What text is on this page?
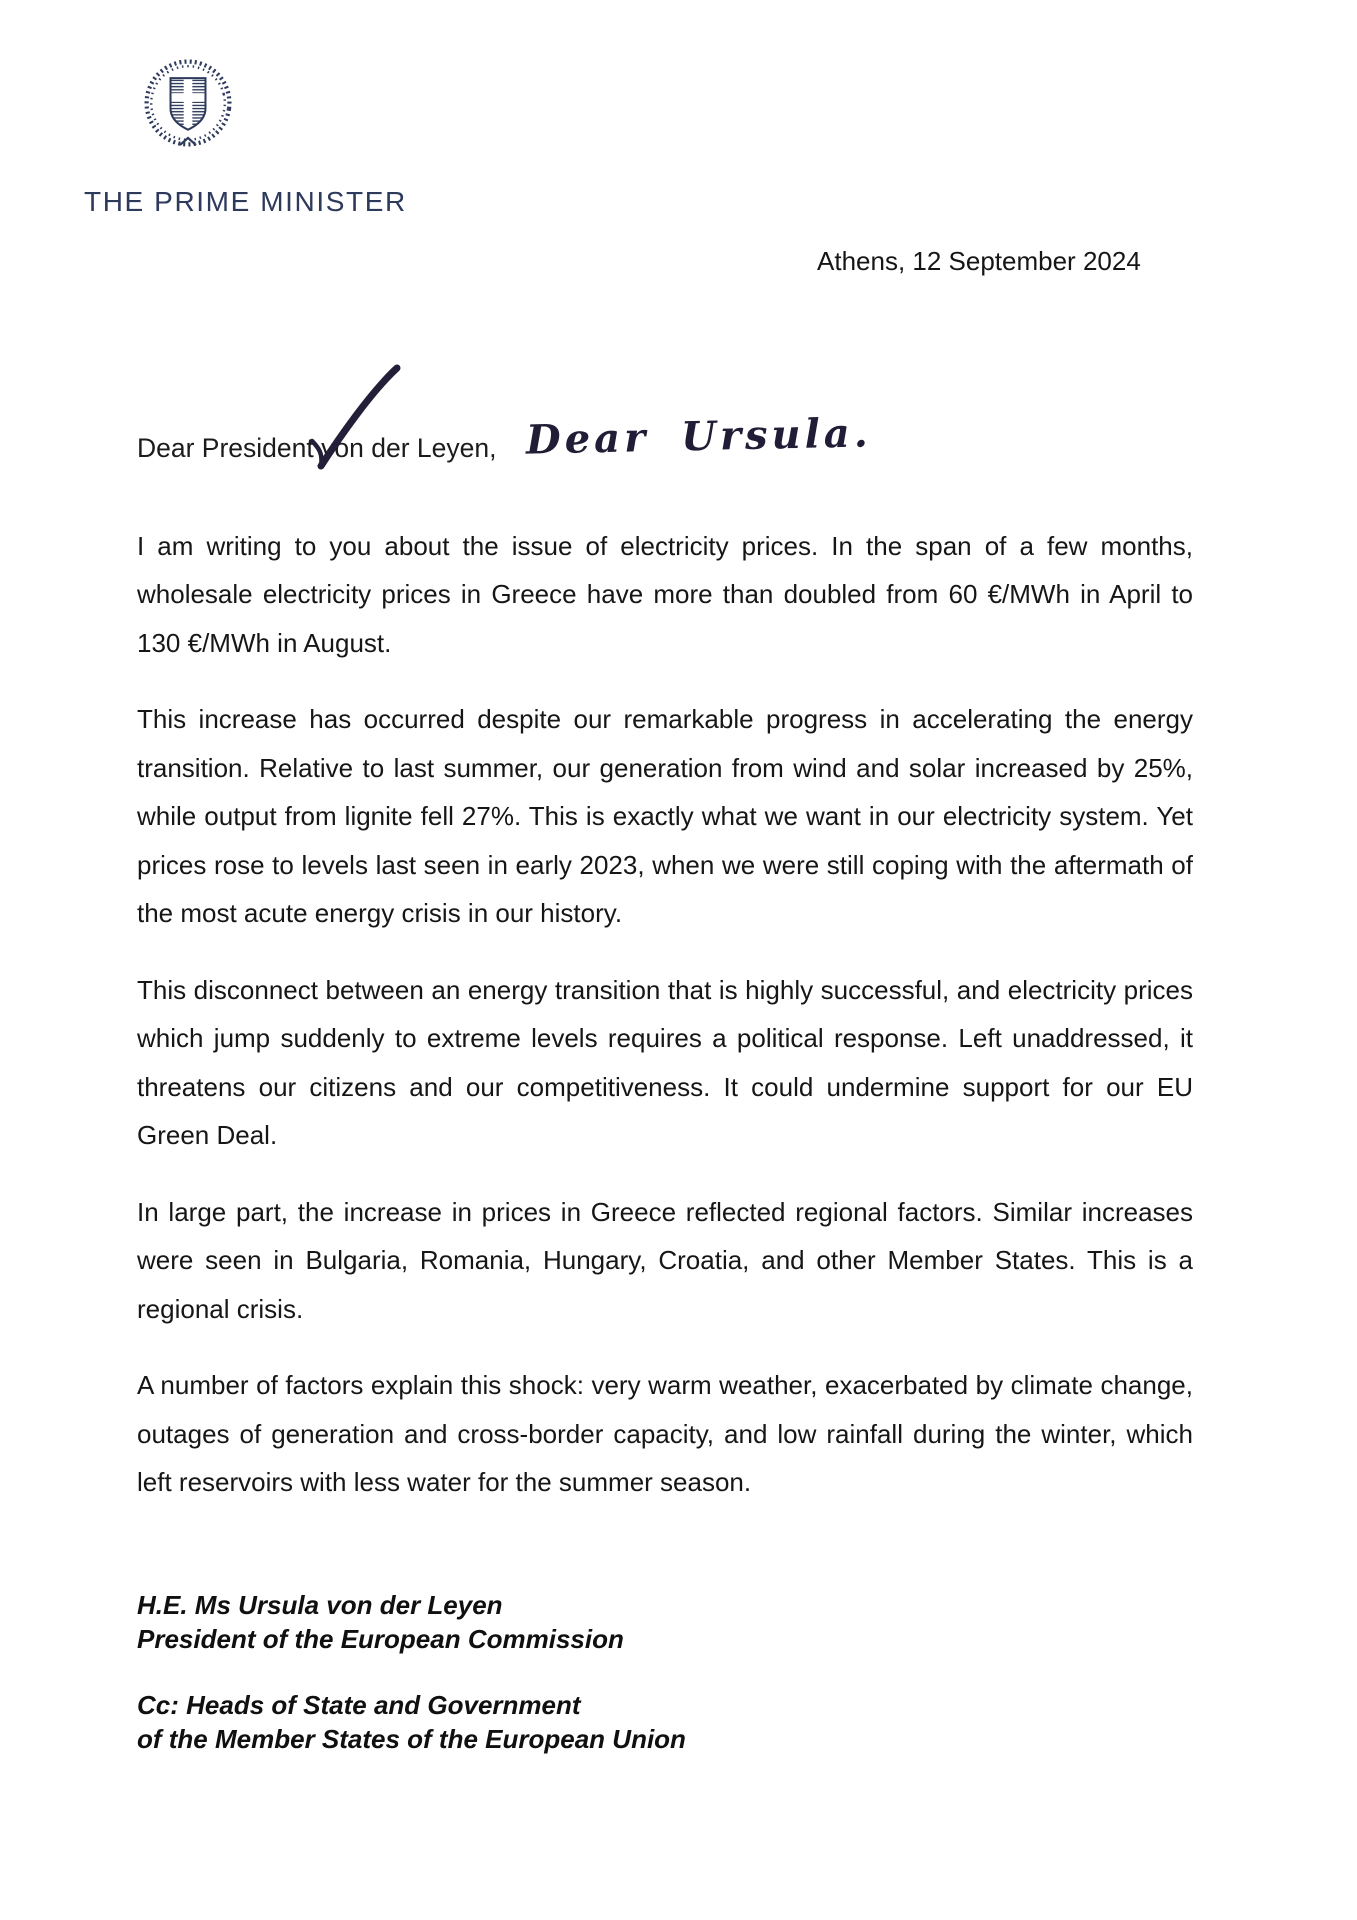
THE PRIME MINISTER
Athens, 12 September 2024

Dear President von
der Leyen, Dear Ursula.

I am writing to you about the issue of electricity prices. In the span of a few months, wholesale electricity prices in Greece have more than doubled from 60 €/MWh in April to 130 €/MWh in August.

This increase has occurred despite our remarkable progress in accelerating the energy transition. Relative to last summer, our generation from wind and solar increased by 25%, while output from lignite fell 27%. This is exactly what we want in our electricity system. Yet prices rose to levels last seen in early 2023, when we were still coping with the aftermath of the most acute energy crisis in our history.

This disconnect between an energy transition that is highly successful, and electricity prices which jump suddenly to extreme levels requires a political response. Left unaddressed, it threatens our citizens and our competitiveness. It could undermine support for our EU Green Deal.

In large part, the increase in prices in Greece reflected regional factors. Similar increases were seen in Bulgaria, Romania, Hungary, Croatia, and other Member States. This is a regional crisis.

A number of factors explain this shock: very warm weather, exacerbated by climate change, outages of generation and cross-border capacity, and low rainfall during the winter, which left reservoirs with less water for the summer season.

H.E. Ms Ursula von der Leyen
President of the European Commission
Cc: Heads of State and Government
of the Member States of the European Union
